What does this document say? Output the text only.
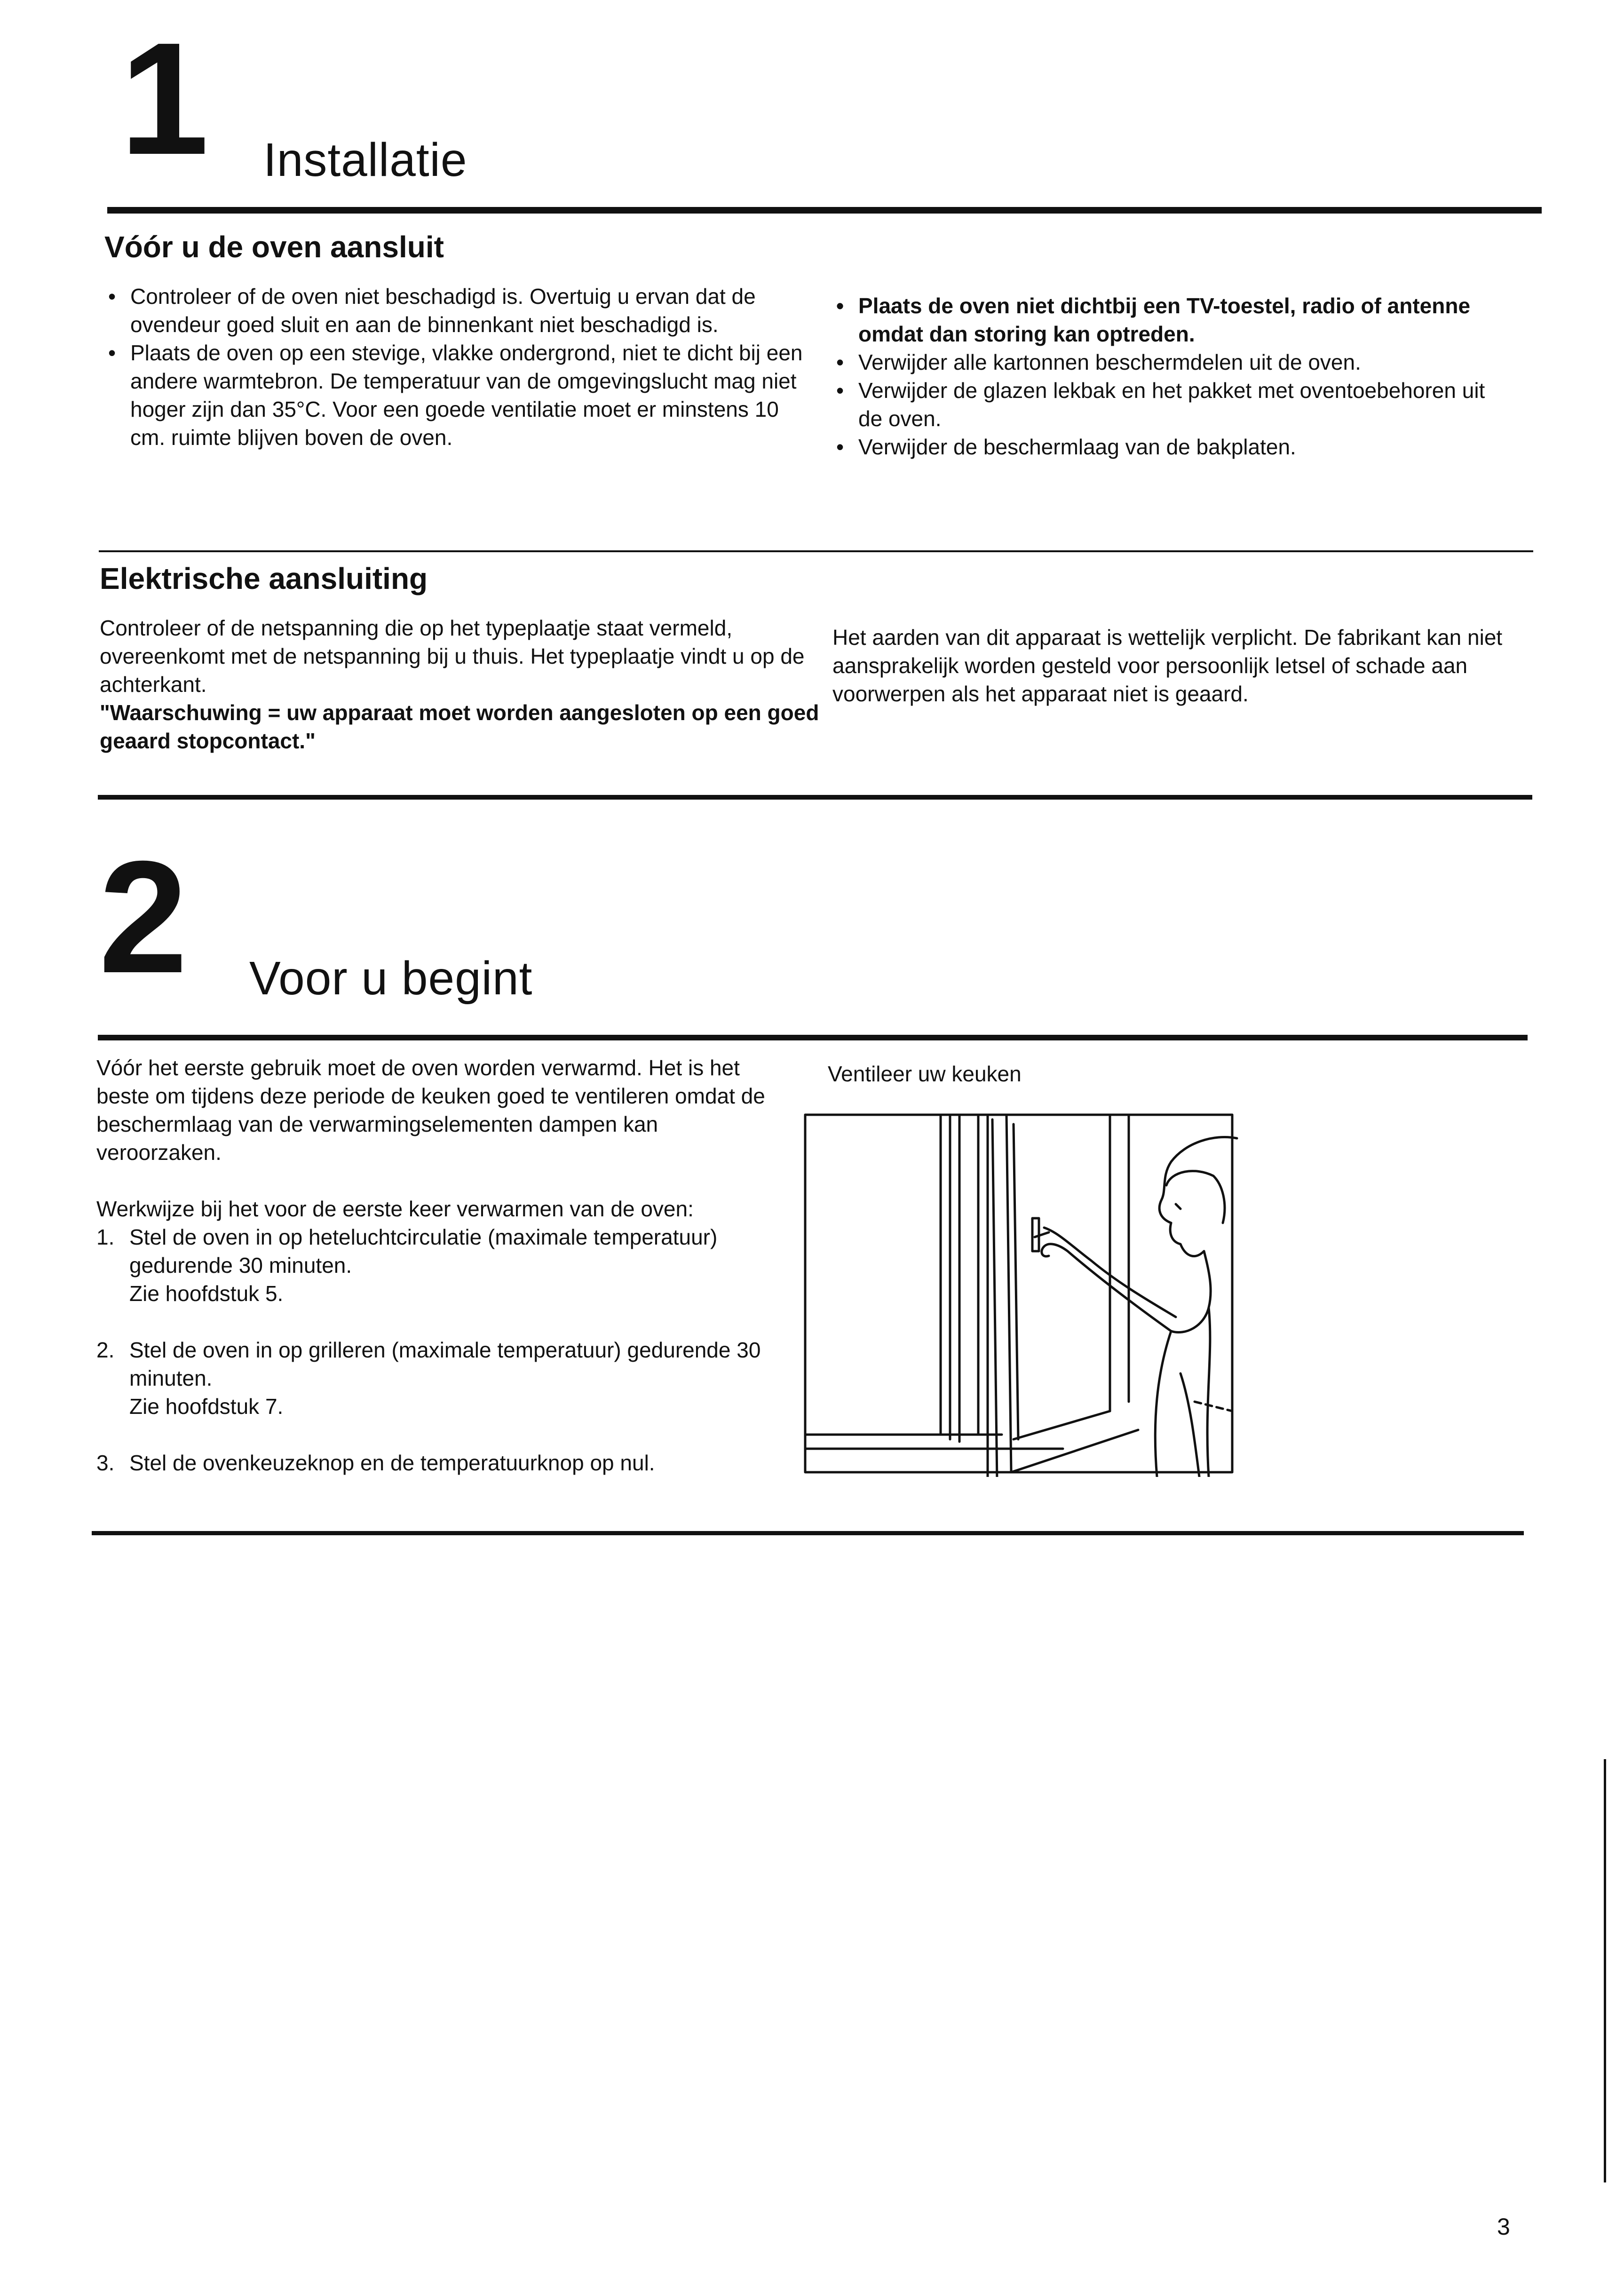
1 Installatie
Vóór u de oven aansluit
• Controleer of de oven niet beschadigd is. Overtuig u ervan dat de ovendeur goed sluit en aan de binnenkant niet beschadigd is.
• Plaats de oven op een stevige, vlakke ondergrond, niet te dicht bij een andere warmtebron. De temperatuur van de omgevingslucht mag niet hoger zijn dan 35°C. Voor een goede ventilatie moet er minstens 10 cm. ruimte blijven boven de oven.
• Plaats de oven niet dichtbij een TV-toestel, radio of antenne omdat dan storing kan optreden.
• Verwijder alle kartonnen beschermdelen uit de oven.
• Verwijder de glazen lekbak en het pakket met oventoebehoren uit de oven.
• Verwijder de beschermlaag van de bakplaten.
Elektrische aansluiting
Controleer of de netspanning die op het typeplaatje staat vermeld, overeenkomt met de netspanning bij u thuis. Het typeplaatje vindt u op de achterkant.
"Waarschuwing = uw apparaat moet worden aangesloten op een goed geaard stopcontact."
Het aarden van dit apparaat is wettelijk verplicht. De fabrikant kan niet aansprakelijk worden gesteld voor persoonlijk letsel of schade aan voorwerpen als het apparaat niet is geaard.
2 Voor u begint
Vóór het eerste gebruik moet de oven worden verwarmd. Het is het beste om tijdens deze periode de keuken goed te ventileren omdat de beschermlaag van de verwarmingselementen dampen kan veroorzaken.
Werkwijze bij het voor de eerste keer verwarmen van de oven:
1. Stel de oven in op heteluchtcirculatie (maximale temperatuur) gedurende 30 minuten.
Zie hoofdstuk 5.
2. Stel de oven in op grilleren (maximale temperatuur) gedurende 30 minuten.
Zie hoofdstuk 7.
3. Stel de ovenkeuzeknop en de temperatuurknop op nul.
Ventileer uw keuken
3
